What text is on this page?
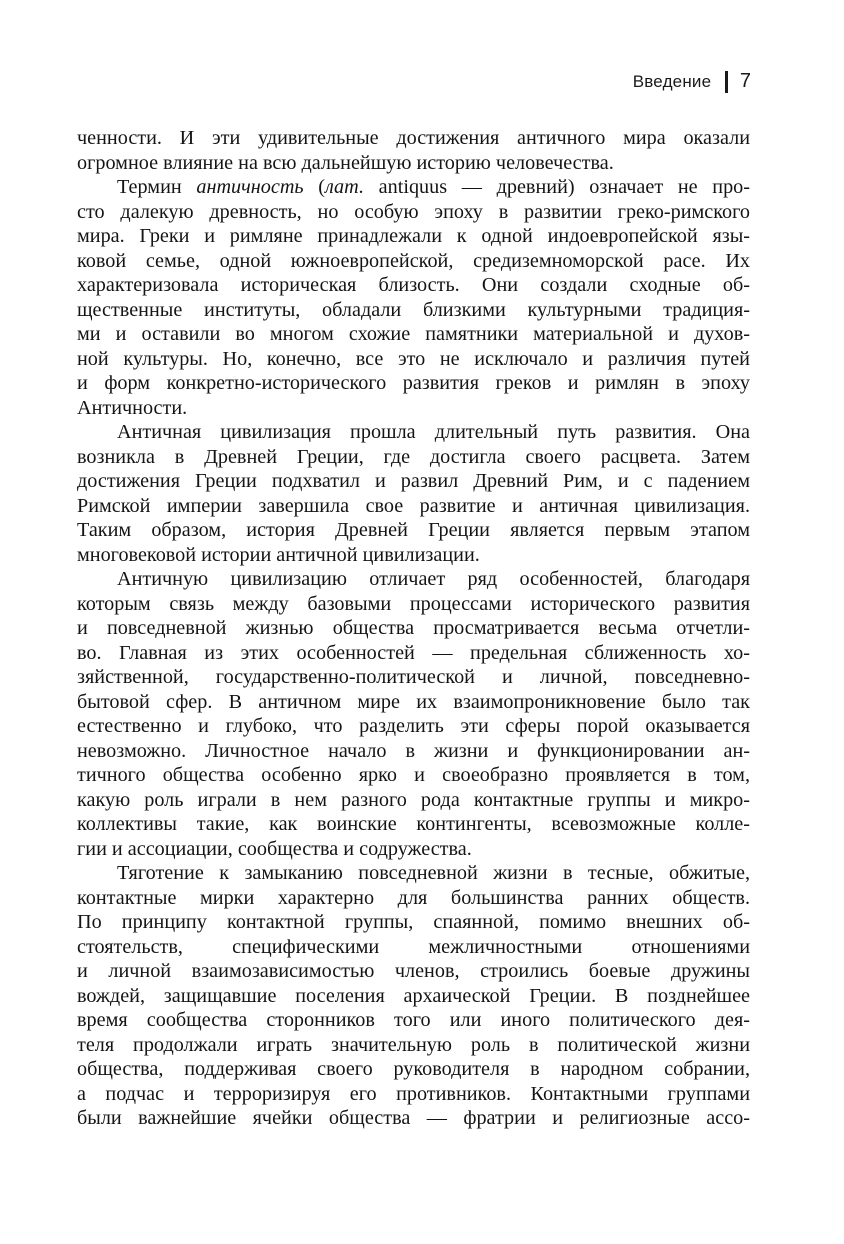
Введение 7
ченности. И эти удивительные достижения античного мира оказали
огромное влияние на всю дальнейшую историю человечества.
Термин античность (лат. antiquus — древний) означает не про-
сто далекую древность, но особую эпоху в развитии греко-римского
мира. Греки и римляне принадлежали к одной индоевропейской язы-
ковой семье, одной южноевропейской, средиземноморской расе. Их
характеризовала историческая близость. Они создали сходные об-
щественные институты, обладали близкими культурными традиция-
ми и оставили во многом схожие памятники материальной и духов-
ной культуры. Но, конечно, все это не исключало и различия путей
и форм конкретно-исторического развития греков и римлян в эпоху
Античности.
Античная цивилизация прошла длительный путь развития. Она
возникла в Древней Греции, где достигла своего расцвета. Затем
достижения Греции подхватил и развил Древний Рим, и с падением
Римской империи завершила свое развитие и античная цивилизация.
Таким образом, история Древней Греции является первым этапом
многовековой истории античной цивилизации.
Античную цивилизацию отличает ряд особенностей, благодаря
которым связь между базовыми процессами исторического развития
и повседневной жизнью общества просматривается весьма отчетли-
во. Главная из этих особенностей — предельная сближенность хо-
зяйственной, государственно-политической и личной, повседневно-
бытовой сфер. В античном мире их взаимопроникновение было так
естественно и глубоко, что разделить эти сферы порой оказывается
невозможно. Личностное начало в жизни и функционировании ан-
тичного общества особенно ярко и своеобразно проявляется в том,
какую роль играли в нем разного рода контактные группы и микро-
коллективы такие, как воинские контингенты, всевозможные колле-
гии и ассоциации, сообщества и содружества.
Тяготение к замыканию повседневной жизни в тесные, обжитые,
контактные мирки характерно для большинства ранних обществ.
По принципу контактной группы, спаянной, помимо внешних об-
стоятельств, специфическими межличностными отношениями
и личной взаимозависимостью членов, строились боевые дружины
вождей, защищавшие поселения архаической Греции. В позднейшее
время сообщества сторонников того или иного политического дея-
теля продолжали играть значительную роль в политической жизни
общества, поддерживая своего руководителя в народном собрании,
а подчас и терроризируя его противников. Контактными группами
были важнейшие ячейки общества — фратрии и религиозные ассо-
